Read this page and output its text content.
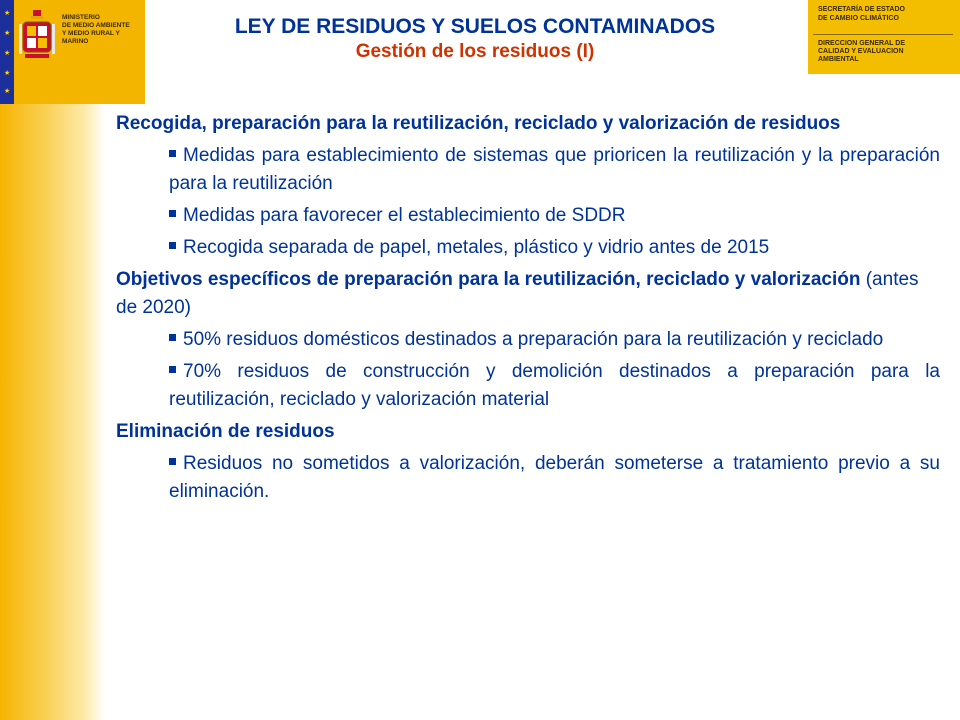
★
★
★
★
★
MINISTERIO
DE MEDIO AMBIENTE
Y MEDIO RURAL Y MARINO
SECRETARÍA DE ESTADO
DE CAMBIO CLIMÁTICO
DIRECCION GENERAL DE
CALIDAD Y EVALUACION
AMBIENTAL

LEY DE RESIDUOS Y SUELOS CONTAMINADOS

Gestión de los residuos (I)

Recogida, preparación para la reutilización, reciclado y valorización de residuos

Medidas para establecimiento de sistemas que prioricen la reutilización y la preparación para la reutilización
Medidas para favorecer el establecimiento de SDDR
Recogida separada de papel, metales, plástico y vidrio antes de 2015

Objetivos específicos de preparación para la reutilización, reciclado y valorización (antes de 2020)

50% residuos domésticos destinados a preparación para la reutilización y reciclado
70% residuos de construcción y demolición destinados a preparación para la reutilización, reciclado y valorización material

Eliminación de residuos

Residuos no sometidos a valorización, deberán someterse a tratamiento previo a su eliminación.
